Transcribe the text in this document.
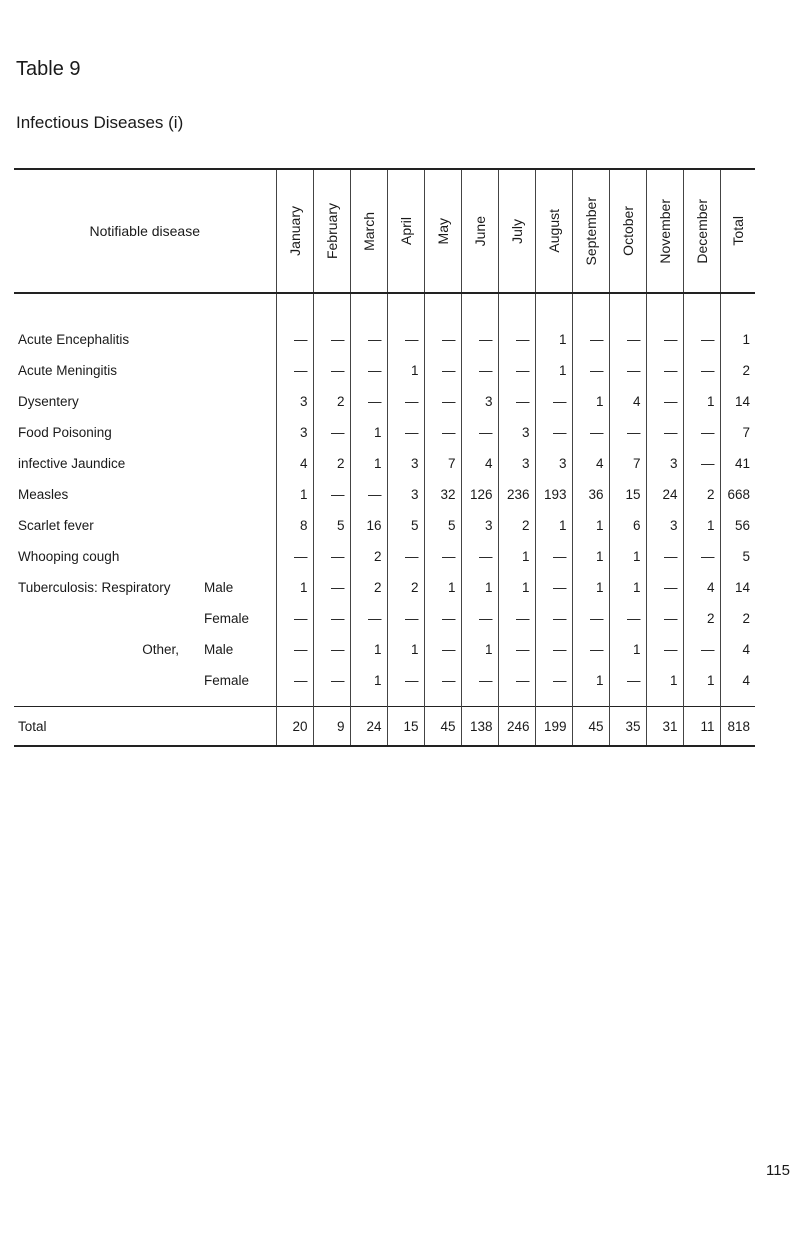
Table 9
Infectious Diseases (i)
Notifiable disease	January	February	March	April	May	June	July	August	September	October	November	December	Total

Acute Encephalitis	—	—	—	—	—	—	—	1	—	—	—	—	1
Acute Meningitis	—	—	—	1	—	—	—	1	—	—	—	—	2
Dysentery	3	2	—	—	—	3	—	—	1	4	—	1	14
Food Poisoning	3	—	1	—	—	—	3	—	—	—	—	—	7
infective Jaundice	4	2	1	3	7	4	3	3	4	7	3	—	41
Measles	1	—	—	3	32	126	236	193	36	15	24	2	668
Scarlet fever	8	5	16	5	5	3	2	1	1	6	3	1	56
Whooping cough	—	—	2	—	—	—	1	—	1	1	—	—	5

Tuberculosis: Respiratory Male	1	—	2	2	1	1	1	—	1	1	—	4	14

Female	—	—	—	—	—	—	—	—	—	—	—	2	2

Other, Male	—	—	1	1	—	1	—	—	—	1	—	—	4

Female	—	—	1	—	—	—	—	—	1	—	1	1	4
Total	20	9	24	15	45	138	246	199	45	35	31	11	818
115
